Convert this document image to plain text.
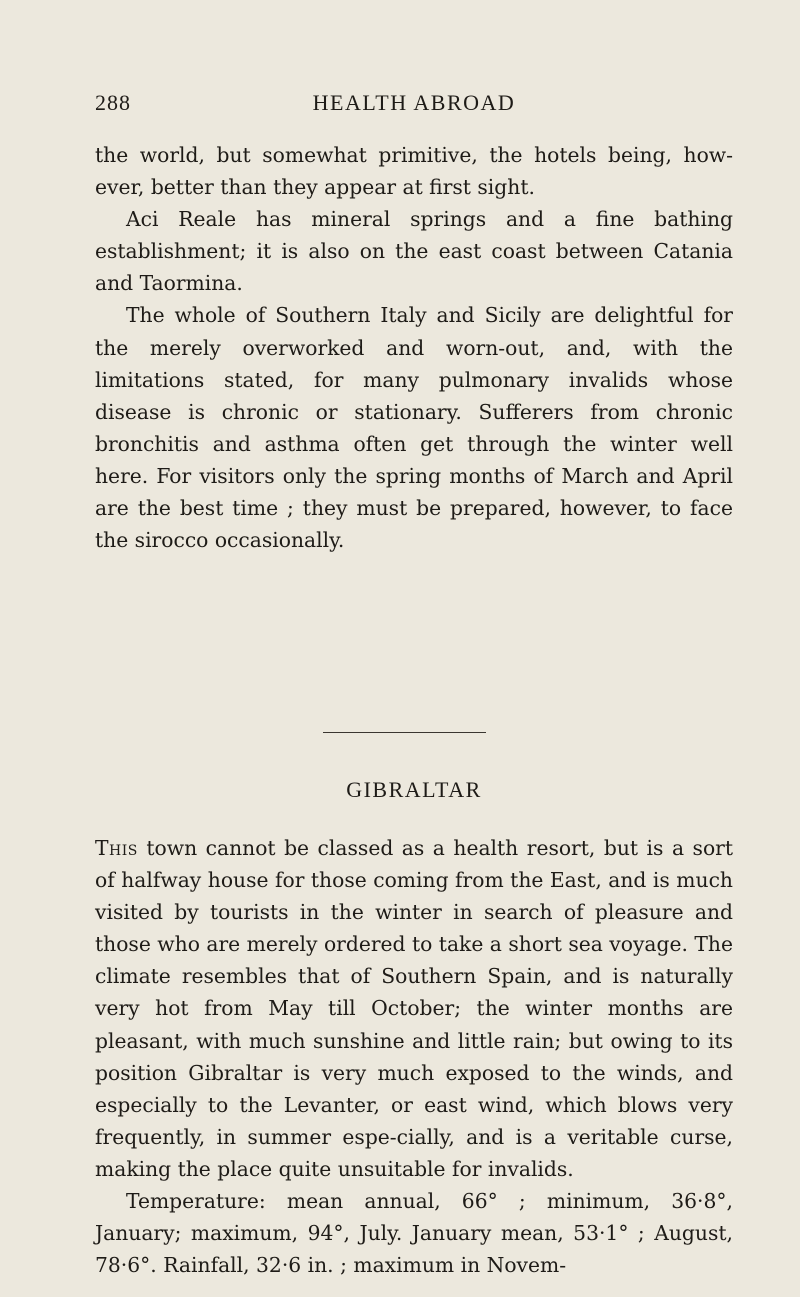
288	HEALTH ABROAD

the world, but somewhat primitive, the hotels being, how-ever, better than they appear at first sight.

Aci Reale has mineral springs and a fine bathing establishment; it is also on the east coast between Catania and Taormina.

The whole of Southern Italy and Sicily are delightful for the merely overworked and worn-out, and, with the limitations stated, for many pulmonary invalids whose disease is chronic or stationary. Sufferers from chronic bronchitis and asthma often get through the winter well here. For visitors only the spring months of March and April are the best time ; they must be prepared, however, to face the sirocco occasionally.

GIBRALTAR

This town cannot be classed as a health resort, but is a sort of halfway house for those coming from the East, and is much visited by tourists in the winter in search of pleasure and those who are merely ordered to take a short sea voyage. The climate resembles that of Southern Spain, and is naturally very hot from May till October; the winter months are pleasant, with much sunshine and little rain; but owing to its position Gibraltar is very much exposed to the winds, and especially to the Levanter, or east wind, which blows very frequently, in summer espe-cially, and is a veritable curse, making the place quite unsuitable for invalids.

Temperature: mean annual, 66° ; minimum, 36·8°, January; maximum, 94°, July. January mean, 53·1° ; August, 78·6°. Rainfall, 32·6 in. ; maximum in Novem-
